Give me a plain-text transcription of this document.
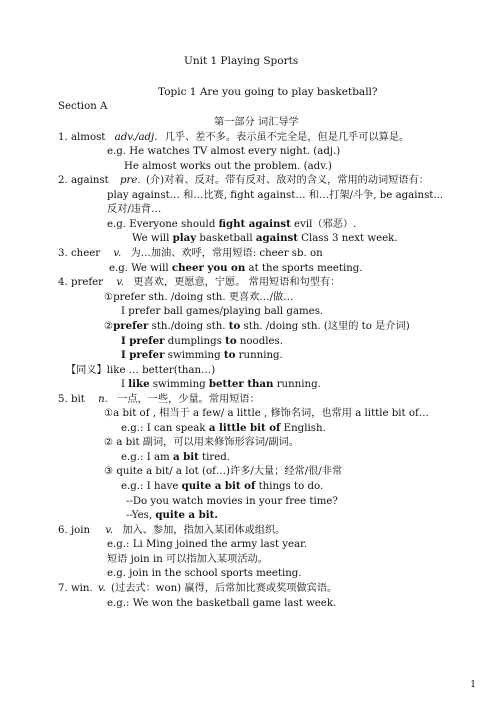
Unit 1 Playing Sports
Topic 1 Are you going to play basketball?
Section A
第一部分 词汇导学
1. almost adv./adj. 几乎、差不多。表示虽不完全是，但是几乎可以算是。
e.g. He watches TV almost every night. (adj.)
He almost works out the problem. (adv.)
2. against pre. (介)对着、反对。带有反对、敌对的含义，常用的动词短语有：
play against… 和…比赛, fight against… 和…打架/斗争, be against...
反对/违背…
e.g. Everyone should fight against evil（邪恶）.
We will play basketball against Class 3 next week.
3. cheer v. 为…加油、欢呼，常用短语: cheer sb. on
e.g. We will cheer you on at the sports meeting.
4. prefer v. 更喜欢，更愿意，宁愿。 常用短语和句型有：
①prefer sth. /doing sth. 更喜欢…/做…
I prefer ball games/playing ball games.
②prefer sth./doing sth. to sth. /doing sth. (这里的 to 是介词)
I prefer dumplings to noodles.
I prefer swimming to running.
【同义】like … better(than…)
I like swimming better than running.
5. bit n. 一点，一些，少量。常用短语：
①a bit of , 相当于 a few/ a little , 修饰名词，也常用 a little bit of…
e.g.: I can speak a little bit of English.
② a bit 副词，可以用来修饰形容词/副词。
e.g.: I am a bit tired.
③ quite a bit/ a lot (of…)许多/大量；经常/很/非常
e.g.: I have quite a bit of things to do.
--Do you watch movies in your free time?
--Yes, quite a bit.
6. join v. 加入、参加，指加入某团体或组织。
e.g.: Li Ming joined the army last year.
短语 join in 可以指加入某项活动。
e.g. join in the school sports meeting.
7. win. v. (过去式：won) 赢得，后常加比赛或奖项做宾语。
e.g.: We won the basketball game last week.
1
